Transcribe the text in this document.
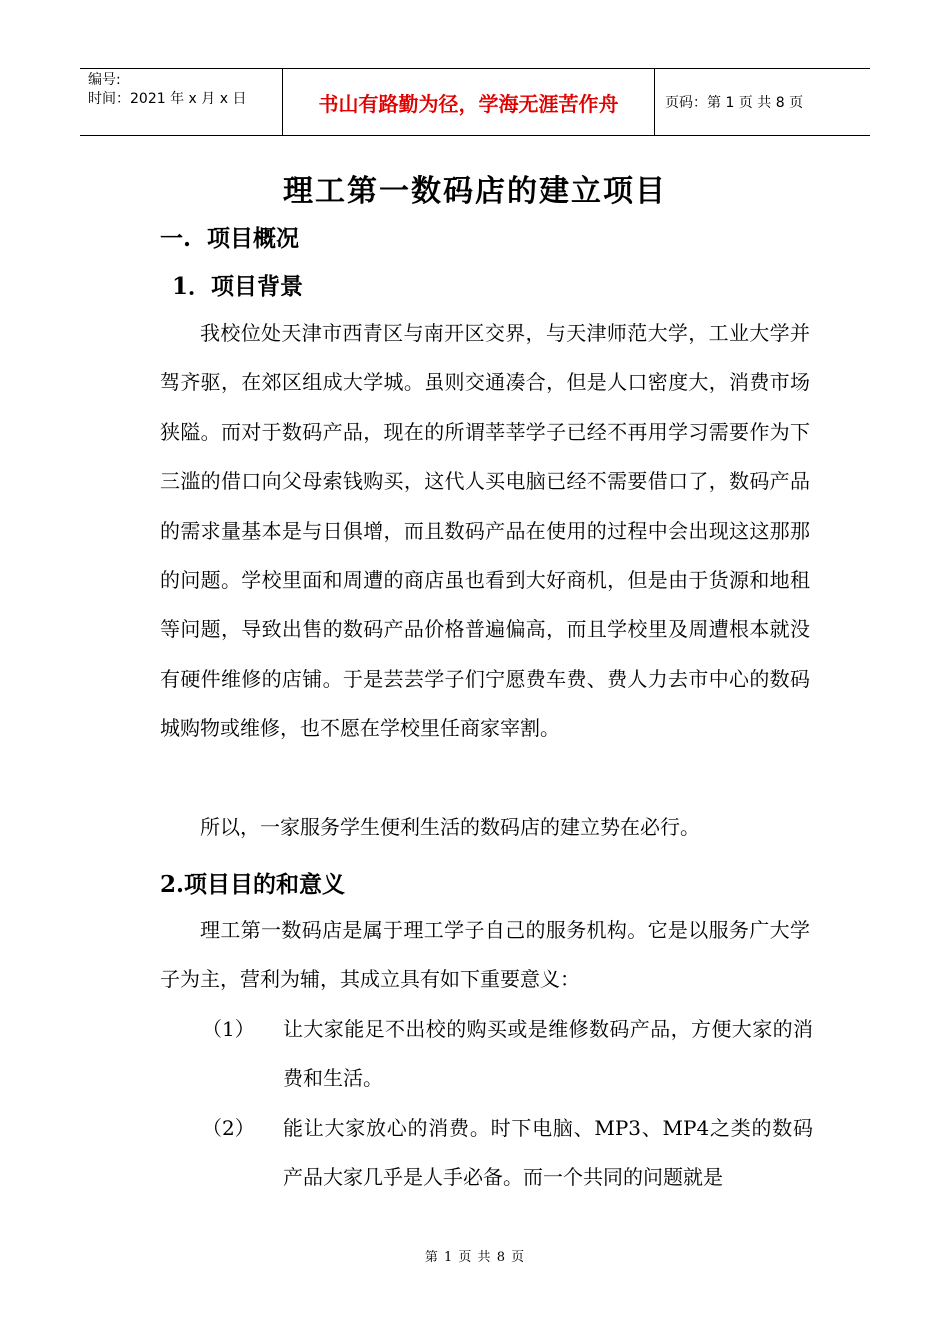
编号:
时间：2021 年 x 月 x 日	书山有路勤为径，学海无涯苦作舟	页码：第 1 页 共 8 页
理工第一数码店的建立项目
一.  项目概况
1．项目背景
我校位处天津市西青区与南开区交界，与天津师范大学，工业大学并驾齐驱，在郊区组成大学城。虽则交通凑合，但是人口密度大，消费市场狭隘。而对于数码产品，现在的所谓莘莘学子已经不再用学习需要作为下三滥的借口向父母索钱购买，这代人买电脑已经不需要借口了，数码产品的需求量基本是与日俱增，而且数码产品在使用的过程中会出现这这那那的问题。学校里面和周遭的商店虽也看到大好商机，但是由于货源和地租等问题，导致出售的数码产品价格普遍偏高，而且学校里及周遭根本就没有硬件维修的店铺。于是芸芸学子们宁愿费车费、费人力去市中心的数码城购物或维修，也不愿在学校里任商家宰割。
所以，一家服务学生便利生活的数码店的建立势在必行。
2.项目目的和意义
理工第一数码店是属于理工学子自己的服务机构。它是以服务广大学子为主，营利为辅，其成立具有如下重要意义：
（1） 让大家能足不出校的购买或是维修数码产品，方便大家的消费和生活。
（2） 能让大家放心的消费。时下电脑、MP3、MP4之类的数码产品大家几乎是人手必备。而一个共同的问题就是
第 1 页 共 8 页
